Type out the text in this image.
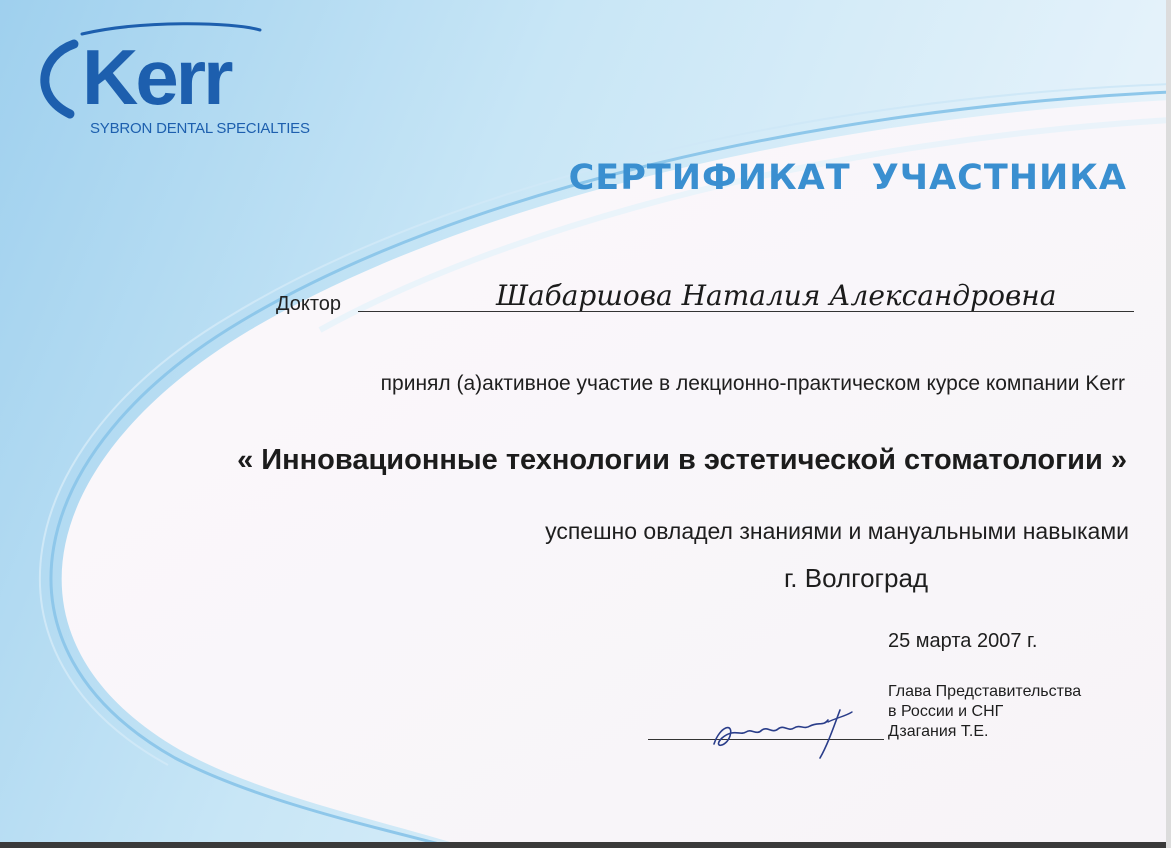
Kerr
SYBRON DENTAL SPECIALTIES
СЕРТИФИКАТ УЧАСТНИКА
Доктор	Шабаршова Наталия Александровна
принял (а)активное участие в лекционно-практическом курсе компании Kerr
« Инновационные технологии в эстетической стоматологии »
успешно овладел знаниями и мануальными навыками
г. Волгоград
25 марта 2007 г.
Глава Представительства
в России и СНГ
Дзагания Т.Е.
